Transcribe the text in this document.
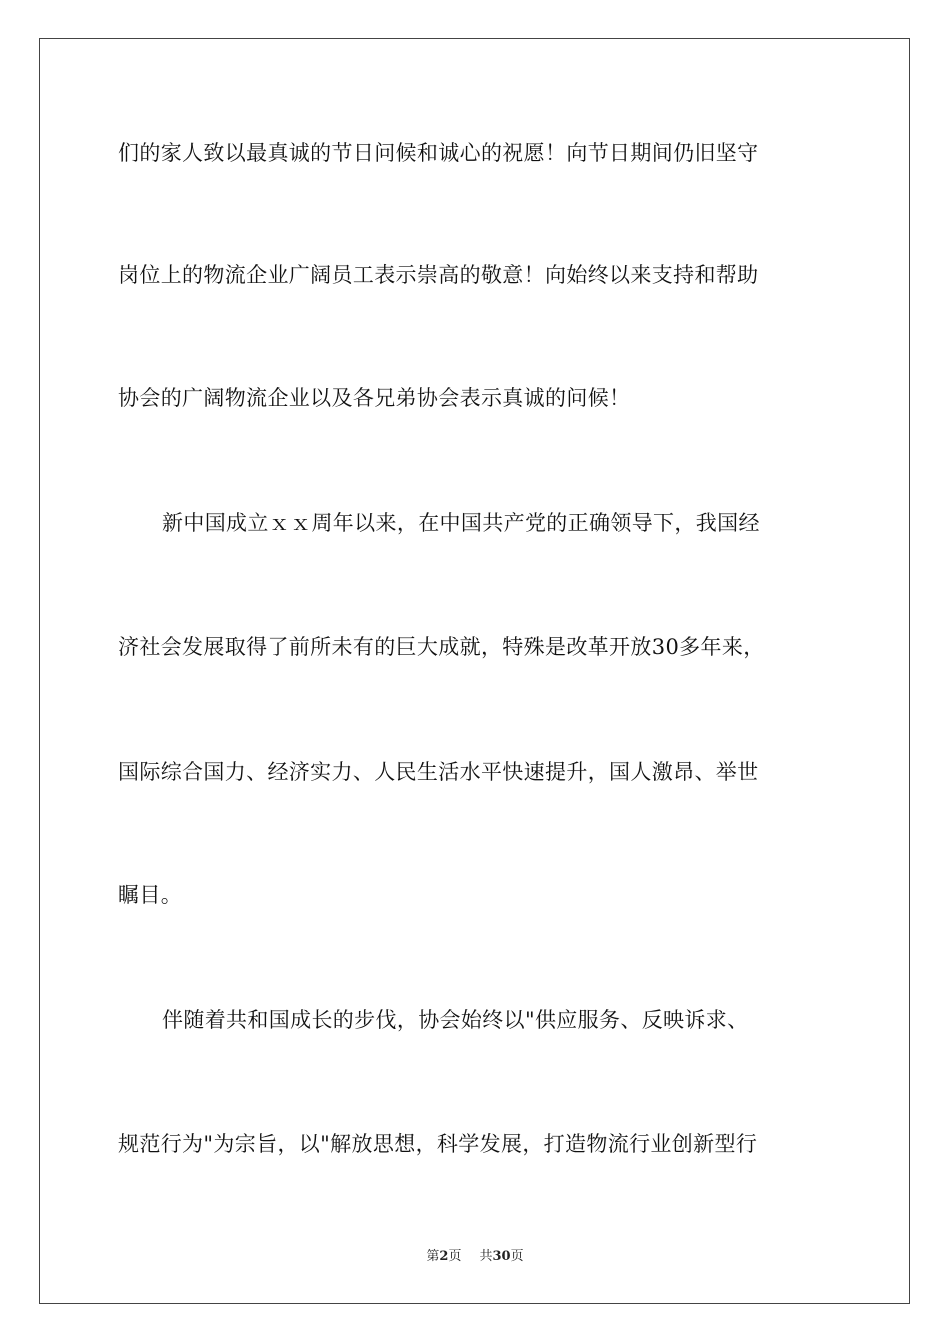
们的家人致以最真诚的节日问候和诚心的祝愿！向节日期间仍旧坚守
岗位上的物流企业广阔员工表示崇高的敬意！向始终以来支持和帮助
协会的广阔物流企业以及各兄弟协会表示真诚的问候！
新中国成立ｘｘ周年以来，在中国共产党的正确领导下，我国经
济社会发展取得了前所未有的巨大成就，特殊是改革开放30多年来，
国际综合国力、经济实力、人民生活水平快速提升，国人激昂、举世
瞩目。
伴随着共和国成长的步伐，协会始终以"供应服务、反映诉求、
规范行为"为宗旨，以"解放思想，科学发展，打造物流行业创新型行
第2页 共30页
